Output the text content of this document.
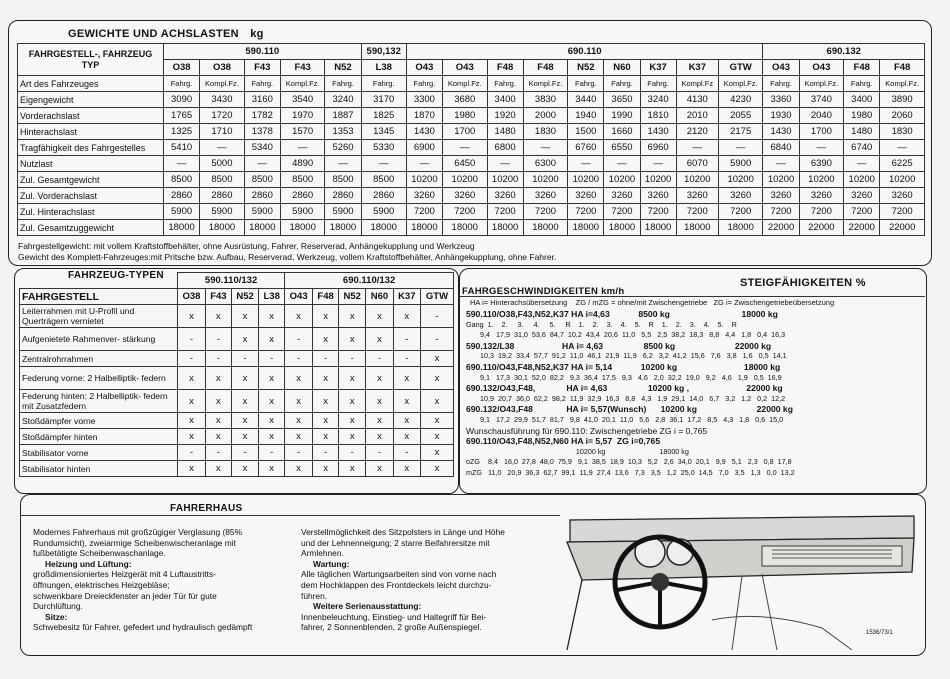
GEWICHTE UND ACHSLASTEN kg
FAHRGESTELL-, FAHRZEUG TYP	590.110					590,132	690.110									690.132			
	O38	O38	F43	F43	N52	L38	O43	O43	F48	F48	N52	N60	K37	K37	GTW	O43	O43	F48	F48
Art des Fahrzeuges	Fahrg.	Kompl.Fz.	Fahrg.	Kompl.Fz.	Fahrg.	Fahrg.	Fahrg.	Kompl.Fz.	Fahrg.	Kompl.Fz.	Fahrg.	Fahrg.	Fahrg.	Kompl.Fz	Kompl.Fz.	Fahrg.	Kompl.Fz.	Fahrg.	Kompl.Fz.
Eigengewicht	3090	3430	3160	3540	3240	3170	3300	3680	3400	3830	3440	3650	3240	4130	4230	3360	3740	3400	3890
Vorderachslast	1765	1720	1782	1970	1887	1825	1870	1980	1920	2000	1940	1990	1810	2010	2055	1930	2040	1980	2060
Hinterachslast	1325	1710	1378	1570	1353	1345	1430	1700	1480	1830	1500	1660	1430	2120	2175	1430	1700	1480	1830
Tragfähigkeit des Fahrgestelles	5410	—	5340	—	5260	5330	6900	—	6800	—	6760	6550	6960	—	—	6840	—	6740	—
Nutzlast	—	5000	—	4890	—	—	—	6450	—	6300	—	—	—	6070	5900	—	6390	—	6225
Zul. Gesamtgewicht	8500	8500	8500	8500	8500	8500	10200	10200	10200	10200	10200	10200	10200	10200	10200	10200	10200	10200	10200
Zul. Vorderachslast	2860	2860	2860	2860	2860	2860	3260	3260	3260	3260	3260	3260	3260	3260	3260	3260	3260	3260	3260
Zul. Hinterachslast	5900	5900	5900	5900	5900	5900	7200	7200	7200	7200	7200	7200	7200	7200	7200	7200	7200	7200	7200
Zul. Gesamtzuggewicht	18000	18000	18000	18000	18000	18000	18000	18000	18000	18000	18000	18000	18000	18000	18000	22000	22000	22000	22000
Fahrgestellgewicht: mit vollem Kraftstoffbehälter, ohne Ausrüstung, Fahrer, Reserverad, Anhängekupplung und Werkzeug
Gewicht des Komplett-Fahrzeuges:mit Pritsche bzw. Aufbau, Reserverad, Werkzeug, vollem Kraftstoffbehälter, Anhängekupplung, ohne Fahrer.
FAHRZEUG-TYPEN
		590.110/132				690.110/132					
FAHRGESTELL	O38	F43	N52	L38	O43	F48	N52	N60	K37	GTW
Leiterrahmen mit U-Profil und Querträgern vernietet	x	x	x	x	x	x	x	x	x	-
Aufgenietete Rahmenver- stärkung	-	-	x	x	-	x	x	x	-	-
Zentralrohrrahmen	-	-	-	-	-	-	-	-	-	x
Federung vorne: 2 Halbelliptik- federn	x	x	x	x	x	x	x	x	x	x
Federung hinten: 2 Halbelliptik- federn mit Zusatzfedern	x	x	x	x	x	x	x	x	x	x
Stoßdämpfer vorne	x	x	x	x	x	x	x	x	x	x
Stoßdämpfer hinten	x	x	x	x	x	x	x	x	x	x
Stabilisator vorne	-	-	-	-	-	-	-	-	-	x
Stabilisator hinten	x	x	x	x	x	x	x	x	x	x
FAHRGESCHWINDIGKEITEN km/h
STEIGFÄHIGKEITEN %
HA i= Hinterachsübersetzung    ZG / mZG = ohne/mit Zwischengetriebe   ZG i= Zwischengetriebeübersetzung
590.110/O38,F43,N52,K37 HA i=4,63            8500 kg                              18000 kg
Gang  1.    2.     3.     4.     5.     R    1.    2.    3.    4.    5.    R    1.    2.    3.    4.    5.    R
9,4   17,9  31,0  53,6  84,7  10,2  43,4  20,6  11,0   5,5   2,5  38,2  18,3   8,8   4,4   1,8   0,4  16,3
590.132/L38                    HA i= 4,63                 8500 kg                         22000 kg
10,3  19,2  33,4  57,7  91,2  11,0  46,1  21,9  11,9   6,2   3,2  41,2  15,6   7,6   3,8   1,6   0,5  14,1
690.110/O43,F48,N52,K37 HA i= 5,14            10200 kg                            18000 kg
9,1   17,3  30,1  52,0  82,2   9,3  36,4  17,5   9,3   4,6   2,0  32,2  19,0   9,2   4,6   1,9   0,5  16,9
690.132/O43,F48,             HA i= 4,63                 10200 kg ,                        22000 kg
10,9  20,7  36,0  62,2  98,2  11,9  32,9  16,3   8,8   4,3   1,9  29,1  14,0   6,7   3,2   1,2   0,2  12,2
690.132/O43,F48              HA i= 5,57(Wunsch)      10200 kg                         22000 kg
9,1   17,2  29,9  51,7  81,7   9,8  41,0  20,1  11,0   5,6   2,8  36,1  17,2   8,5   4,3   1,8   0,6  15,0
Wunschausführung für 690.110: Zwischengetriebe ZG i = 0,765
690.110/O43,F48,N52,N60 HA i= 5,57  ZG i=0,765
10200 kg                           18000 kg
oZG    8,4   16,0  27,8  48,0  75,9   9,1  38,5  18,9  10,3   5,2   2,6  34,0  20,1   9,9   5,1   2,3   0,8  17,8
mZG   11,0   20,9  36,3  62,7  99,1  11,9  27,4  13,6   7,3   3,5   1,2  25,0  14,5   7,0   3,5   1,3   0,0  13,2
FAHRERHAUS
Modernes Fahrerhaus mit großzügiger Verglasung (85%
Rundumsicht), zweiarmige Scheibenwischeranlage mit
fußbetätigte Scheibenwaschanlage.
Heizung und Lüftung:
großdimensioniertes Heizgerät mit 4 Luftaustritts-
öffnungen, elektrisches Heizgebläse;
schwenkbare Dreieckfenster an jeder Tür für gute
Durchlüftung.
Sitze:
Schwebesitz für Fahrer, gefedert und hydraulisch gedämpft
Verstellmöglichkeit des Sitzpolsters in Länge und Höhe
und der Lehnenneigung; 2 starre Beifahrersitze mit
Armlehnen.
Wartung:
Alle täglichen Wartungsarbeiten sind von vorne nach
dem Hochklappen des Frontdeckels leicht durchzu-
führen.
Weitere Serienausstattung:
Innenbeleuchtung, Einstieg- und Haltegriff für Bei-
fahrer, 2 Sonnenblenden, 2 große Außenspiegel.
1536/73/1
